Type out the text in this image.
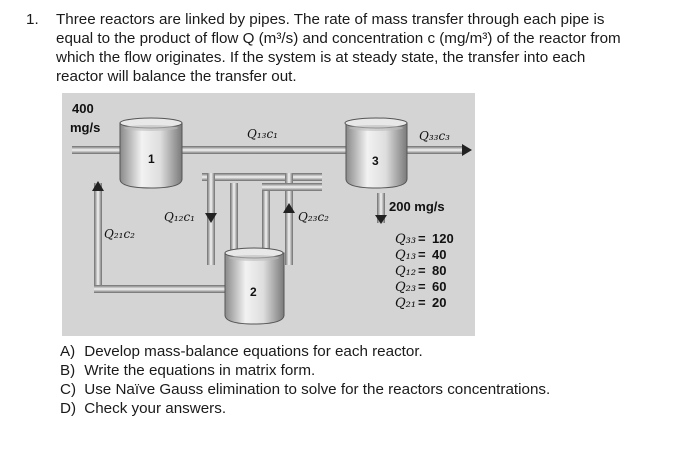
1. Three reactors are linked by pipes. The rate of mass transfer through each pipe is
equal to the product of flow Q (m³/s) and concentration c (mg/m³) of the reactor from
which the flow originates. If the system is at steady state, the transfer into each
reactor will balance the transfer out.
400
mg/s
1
2
3
Q₁₃c₁	Q₃₃c₃
Q₁₂c₁	Q₂₃c₂
Q₂₁c₂
200 mg/s
Q₃₃ = 120
Q₁₃ = 40
Q₁₂ = 80
Q₂₃ = 60
Q₂₁ = 20
A) Develop mass-balance equations for each reactor.
B) Write the equations in matrix form.
C) Use Naïve Gauss elimination to solve for the reactors concentrations.
D) Check your answers.
